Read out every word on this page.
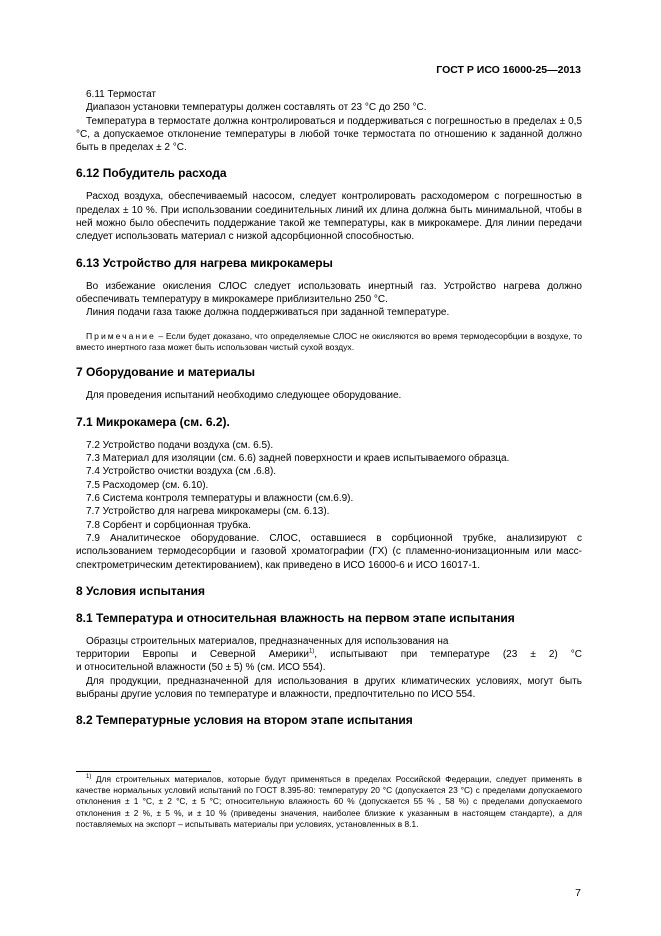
ГОСТ Р ИСО 16000-25—2013

6.11 Термостат

Диапазон установки температуры должен составлять от 23 °С до 250 °С.

Температура в термостате должна контролироваться и поддерживаться с погрешностью в пределах ± 0,5 °С, а допускаемое отклонение температуры в любой точке термостата по отношению к заданной должно быть в пределах ± 2 °С.

6.12 Побудитель расхода

Расход воздуха, обеспечиваемый насосом, следует контролировать расходомером с погрешностью в пределах ± 10 %. При использовании соединительных линий их длина должна быть минимальной, чтобы в ней можно было обеспечить поддержание такой же температуры, как в микрокамере. Для линии передачи следует использовать материал с низкой адсорбционной способностью.

6.13 Устройство для нагрева микрокамеры

Во избежание окисления СЛОС следует использовать инертный газ. Устройство нагрева должно обеспечивать температуру в микрокамере приблизительно 250 °С.

Линия подачи газа также должна поддерживаться при заданной температуре.

Примечание – Если будет доказано, что определяемые СЛОС не окисляются во время термодесорбции в воздухе, то вместо инертного газа может быть использован чистый сухой воздух.

7 Оборудование и материалы

Для проведения испытаний необходимо следующее оборудование.

7.1 Микрокамера (см. 6.2).

7.2 Устройство подачи воздуха (см. 6.5).

7.3 Материал для изоляции (см. 6.6) задней поверхности и краев испытываемого образца.

7.4 Устройство очистки воздуха (см .6.8).

7.5 Расходомер (см. 6.10).

7.6 Система контроля температуры и влажности (см.6.9).

7.7 Устройство для нагрева микрокамеры (см. 6.13).

7.8 Сорбент и сорбционная трубка.

7.9 Аналитическое оборудование. СЛОС, оставшиеся в сорбционной трубке, анализируют с использованием термодесорбции и газовой хроматографии (ГХ) (с пламенно-ионизационным или масс-спектрометрическим детектированием), как приведено в ИСО 16000-6 и ИСО 16017-1.

8 Условия испытания
8.1 Температура и относительная влажность на первом этапе испытания

Образцы строительных материалов, предназначенных для использования на

территории Европы и Северной Америки$^{1)}$, испытывают при температуре (23 ± 2) °С

и относительной влажности (50 ± 5) % (см. ИСО 554).

Для продукции, предназначенной для использования в других климатических условиях, могут быть выбраны другие условия по температуре и влажности, предпочтительно по ИСО 554.

8.2 Температурные условия на втором этапе испытания
$^{1)}$ Для строительных материалов, которые будут применяться в пределах Российской Федерации, следует применять в качестве нормальных условий испытаний по ГОСТ 8.395-80: температуру 20 °С (допускается 23 °С) с пределами допускаемого отклонения ± 1 °С, ± 2 °С, ± 5 °С; относительную влажность 60 % (допускается 55 % , 58 %) с пределами допускаемого отклонения ± 2 %, ± 5 %, и ± 10 % (приведены значения, наиболее близкие к указанным в настоящем стандарте), а для поставляемых на экспорт – испытывать материалы при условиях, установленных в 8.1.
7
